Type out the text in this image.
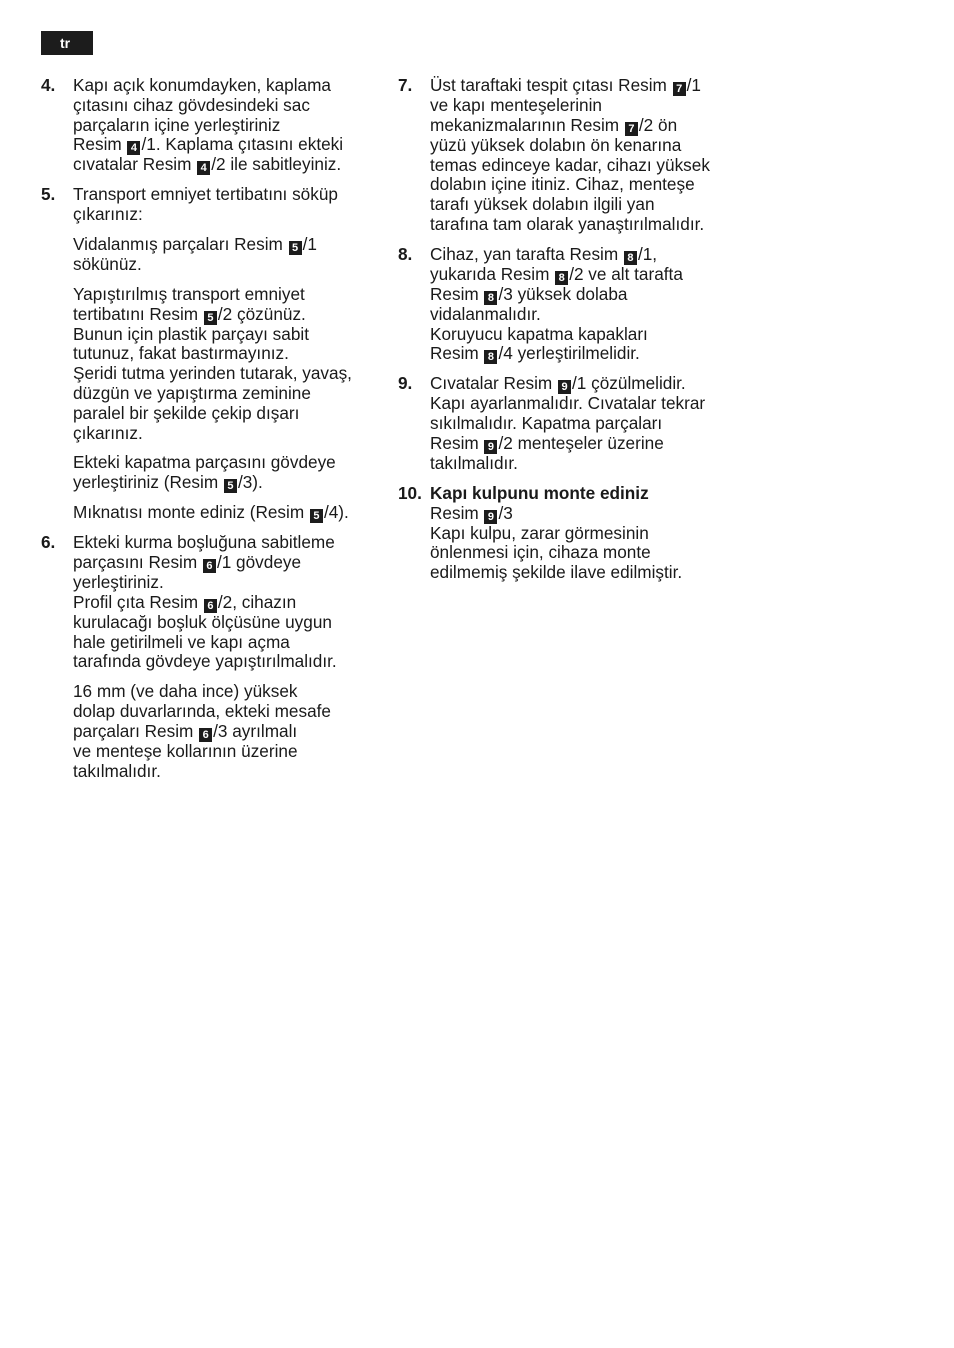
tr
4. Kapı açık konumdayken, kaplama
çıtasını cihaz gövdesindeki sac
parçaların içine yerleştiriniz
Resim 4 /1. Kaplama çıtasını ekteki
cıvatalar Resim 4 /2 ile sabitleyiniz.
5. Transport emniyet tertibatını söküp
çıkarınız:
Vidalanmış parçaları Resim 5 /1
sökünüz.
Yapıştırılmış transport emniyet
tertibatını Resim 5 /2 çözünüz.
Bunun için plastik parçayı sabit
tutunuz, fakat bastırmayınız.
Şeridi tutma yerinden tutarak, yavaş,
düzgün ve yapıştırma zeminine
paralel bir şekilde çekip dışarı
çıkarınız.
Ekteki kapatma parçasını gövdeye
yerleştiriniz (Resim 5 /3).
Mıknatısı monte ediniz (Resim 5 /4).
6. Ekteki kurma boşluğuna sabitleme
parçasını Resim 6 /1 gövdeye
yerleştiriniz.
Profil çıta Resim 6 /2, cihazın
kurulacağı boşluk ölçüsüne uygun
hale getirilmeli ve kapı açma
tarafında gövdeye yapıştırılmalıdır.
16 mm (ve daha ince) yüksek
dolap duvarlarında, ekteki mesafe
parçaları Resim 6 /3 ayrılmalı
ve menteşe kollarının üzerine
takılmalıdır.
7. Üst taraftaki tespit çıtası Resim 7 /1
ve kapı menteşelerinin
mekanizmalarının Resim 7 /2 ön
yüzü yüksek dolabın ön kenarına
temas edinceye kadar, cihazı yüksek
dolabın içine itiniz. Cihaz, menteşe
tarafı yüksek dolabın ilgili yan
tarafına tam olarak yanaştırılmalıdır.
8. Cihaz, yan tarafta Resim 8 /1,
yukarıda Resim 8 /2 ve alt tarafta
Resim 8 /3 yüksek dolaba
vidalanmalıdır.
Koruyucu kapatma kapakları
Resim 8 /4 yerleştirilmelidir.
9. Cıvatalar Resim 9 /1 çözülmelidir.
Kapı ayarlanmalıdır. Cıvatalar tekrar
sıkılmalıdır. Kapatma parçaları
Resim 9 /2 menteşeler üzerine
takılmalıdır.
10. Kapı kulpunu monte ediniz
Resim 9 /3
Kapı kulpu, zarar görmesinin
önlenmesi için, cihaza monte
edilmemiş şekilde ilave edilmiştir.
